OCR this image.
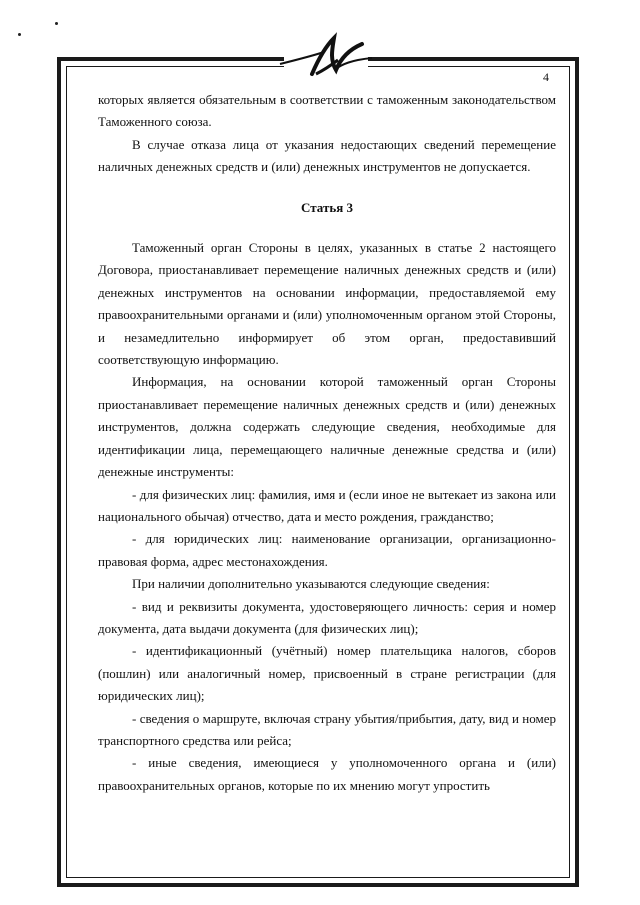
4

которых является обязательным в соответствии с таможенным законодательством Таможенного союза.

В случае отказа лица от указания недостающих сведений перемещение наличных денежных средств и (или) денежных инструментов не допускается.

Статья 3

Таможенный орган Стороны в целях, указанных в статье 2 настоящего Договора, приостанавливает перемещение наличных денежных средств и (или) денежных инструментов на основании информации, предоставляемой ему правоохранительными органами и (или) уполномоченным органом этой Стороны, и незамедлительно информирует об этом орган, предоставивший соответствующую информацию.

Информация, на основании которой таможенный орган Стороны приостанавливает перемещение наличных денежных средств и (или) денежных инструментов, должна содержать следующие сведения, необходимые для идентификации лица, перемещающего наличные денежные средства и (или) денежные инструменты:

- для физических лиц: фамилия, имя и (если иное не вытекает из закона или национального обычая) отчество, дата и место рождения, гражданство;

- для юридических лиц: наименование организации, организационно-правовая форма, адрес местонахождения.

При наличии дополнительно указываются следующие сведения:

- вид и реквизиты документа, удостоверяющего личность: серия и номер документа, дата выдачи документа (для физических лиц);

- идентификационный (учётный) номер плательщика налогов, сборов (пошлин) или аналогичный номер, присвоенный в стране регистрации (для юридических лиц);

- сведения о маршруте, включая страну убытия/прибытия, дату, вид и номер транспортного средства или рейса;

- иные сведения, имеющиеся у уполномоченного органа и (или) правоохранительных органов, которые по их мнению могут упростить
